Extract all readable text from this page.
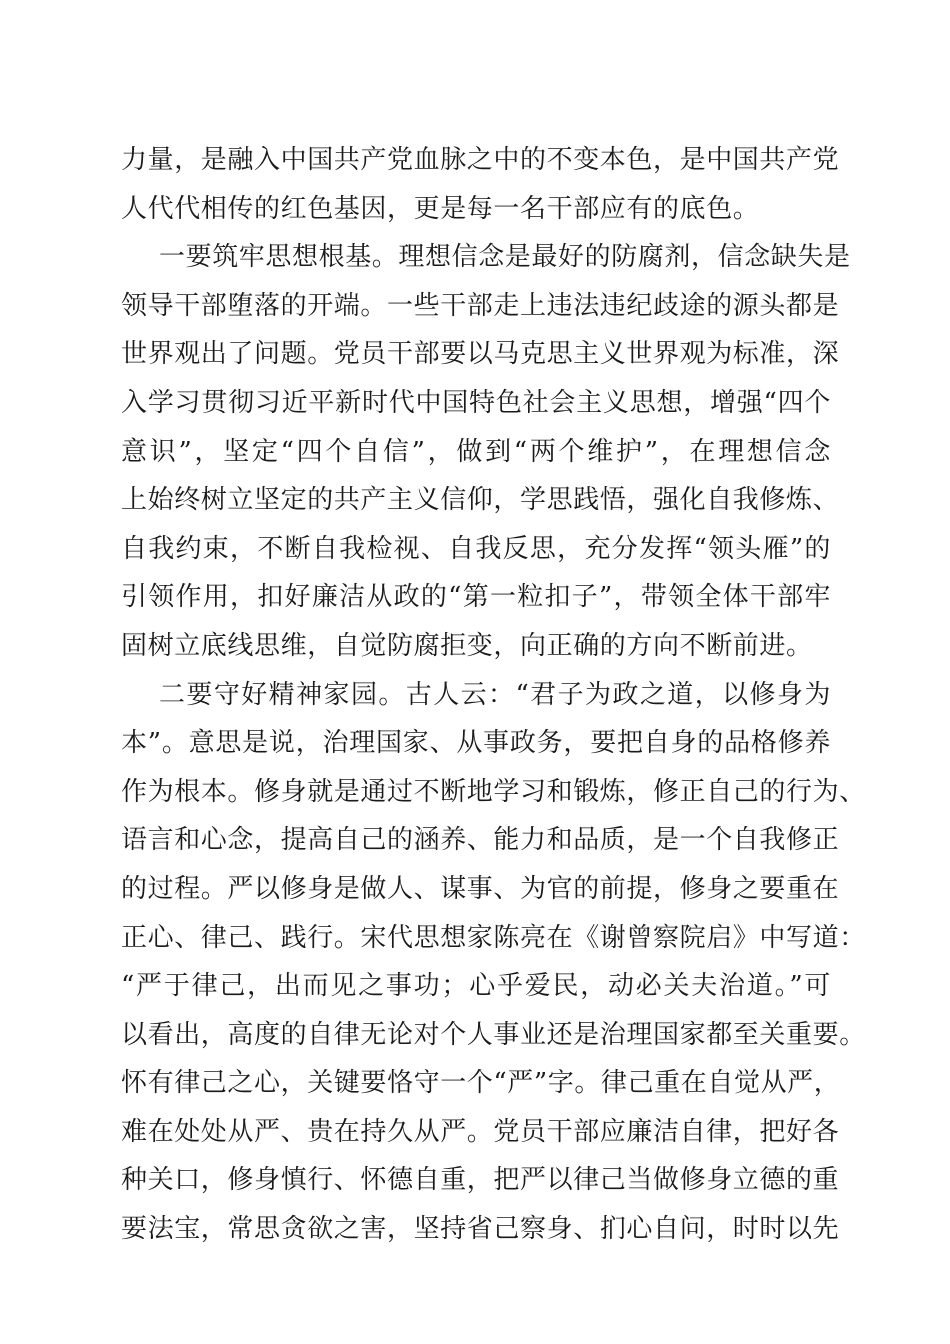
力量，是融入中国共产党血脉之中的不变本色，是中国共产党
人代代相传的红色基因，更是每一名干部应有的底色。
一要筑牢思想根基。理想信念是最好的防腐剂，信念缺失是
领导干部堕落的开端。一些干部走上违法违纪歧途的源头都是
世界观出了问题。党员干部要以马克思主义世界观为标准，深
入学习贯彻习近平新时代中国特色社会主义思想，增强“四个
意识”，坚定“四个自信”，做到“两个维护”，在理想信念
上始终树立坚定的共产主义信仰，学思践悟，强化自我修炼、
自我约束，不断自我检视、自我反思，充分发挥“领头雁”的
引领作用，扣好廉洁从政的“第一粒扣子”，带领全体干部牢
固树立底线思维，自觉防腐拒变，向正确的方向不断前进。
二要守好精神家园。古人云：“君子为政之道，以修身为
本”。意思是说，治理国家、从事政务，要把自身的品格修养
作为根本。修身就是通过不断地学习和锻炼，修正自己的行为、
语言和心念，提高自己的涵养、能力和品质，是一个自我修正
的过程。严以修身是做人、谋事、为官的前提，修身之要重在
正心、律己、践行。宋代思想家陈亮在《谢曾察院启》中写道：
“严于律己，出而见之事功；心乎爱民，动必关夫治道。”可
以看出，高度的自律无论对个人事业还是治理国家都至关重要。
怀有律己之心，关键要恪守一个“严”字。律己重在自觉从严，
难在处处从严、贵在持久从严。党员干部应廉洁自律，把好各
种关口，修身慎行、怀德自重，把严以律己当做修身立德的重
要法宝，常思贪欲之害，坚持省己察身、扪心自问，时时以先
